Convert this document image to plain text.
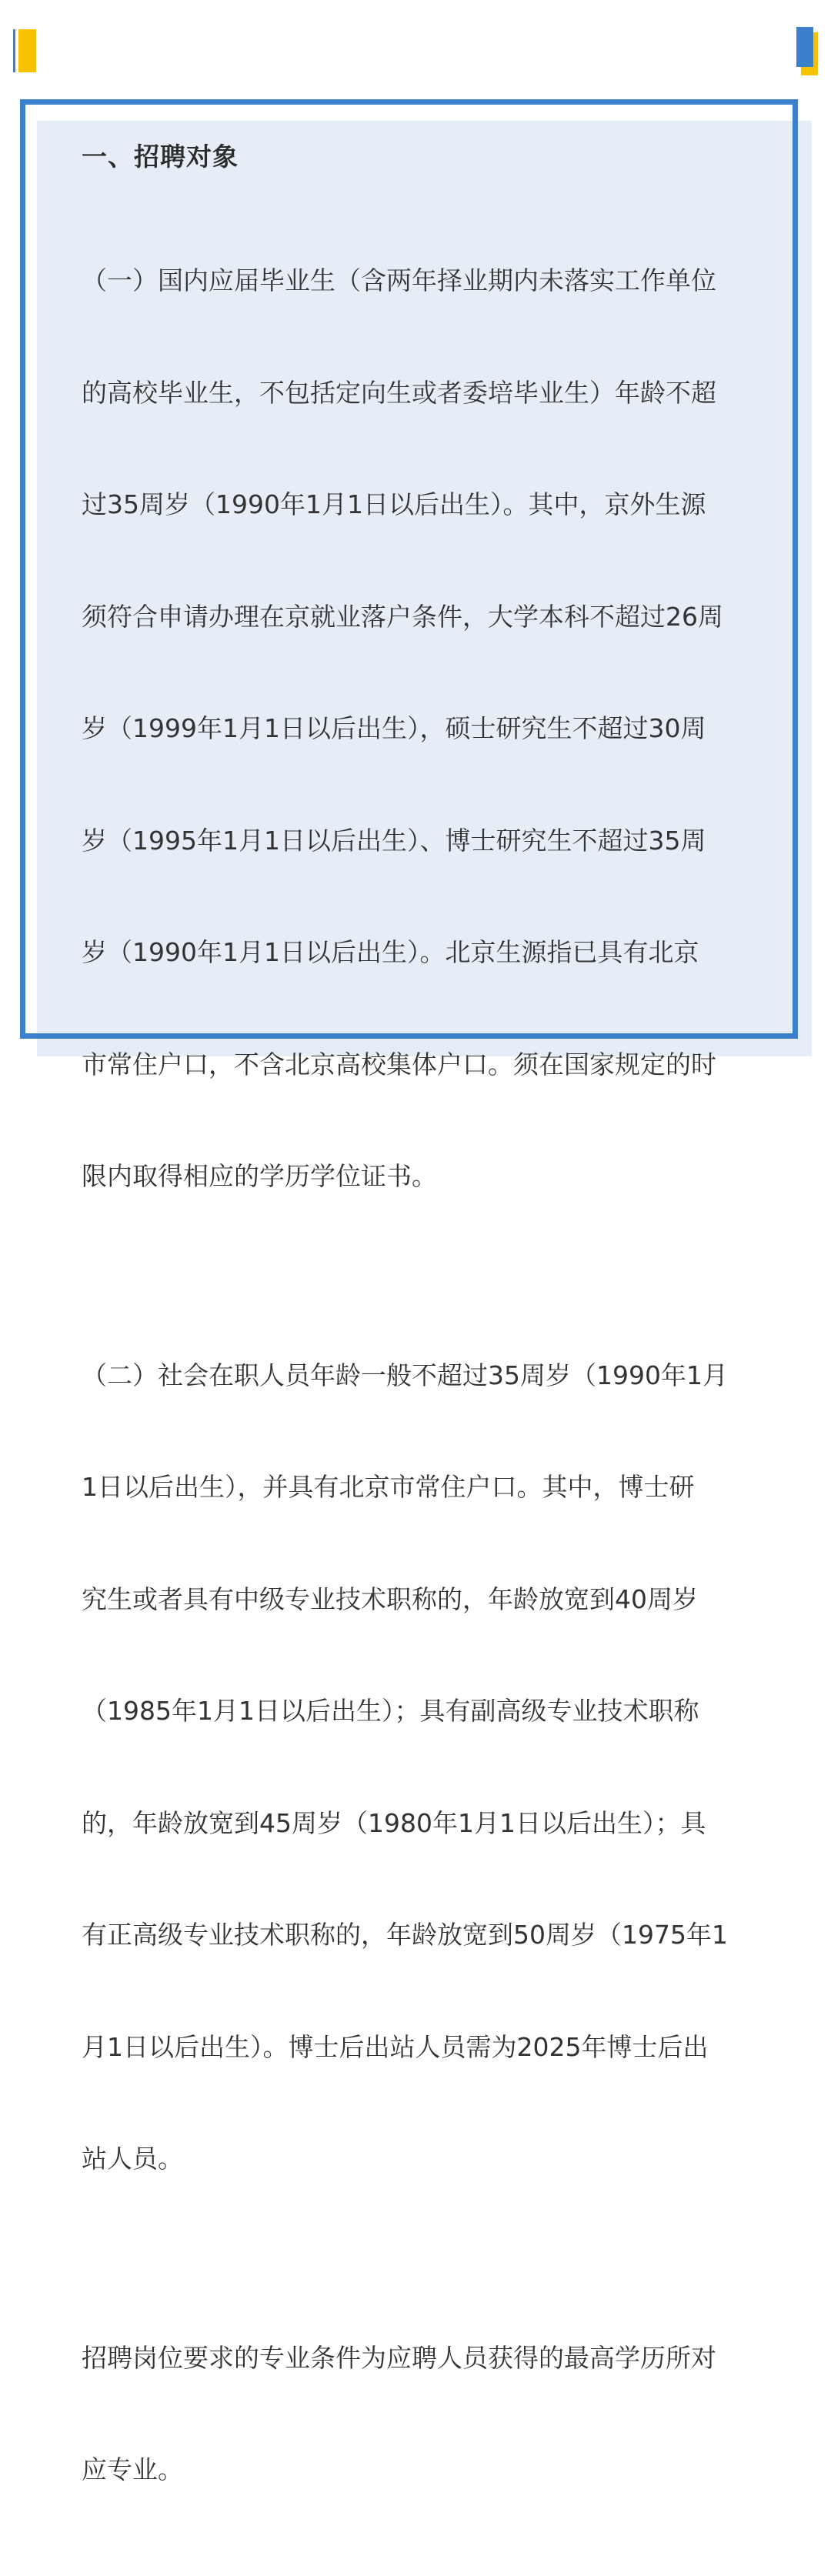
一、招聘对象

（一）国内应届毕业生（含两年择业期内未落实工作单位

的高校毕业生，不包括定向生或者委培毕业生）年龄不超

过35周岁（1990年1月1日以后出生）。其中，京外生源

须符合申请办理在京就业落户条件，大学本科不超过26周

岁（1999年1月1日以后出生），硕士研究生不超过30周

岁（1995年1月1日以后出生）、博士研究生不超过35周

岁（1990年1月1日以后出生）。北京生源指已具有北京

市常住户口，不含北京高校集体户口。须在国家规定的时

限内取得相应的学历学位证书。

（二）社会在职人员年龄一般不超过35周岁（1990年1月

1日以后出生），并具有北京市常住户口。其中，博士研

究生或者具有中级专业技术职称的，年龄放宽到40周岁

（1985年1月1日以后出生）；具有副高级专业技术职称

的，年龄放宽到45周岁（1980年1月1日以后出生）；具

有正高级专业技术职称的，年龄放宽到50周岁（1975年1

月1日以后出生）。博士后出站人员需为2025年博士后出

站人员。

招聘岗位要求的专业条件为应聘人员获得的最高学历所对

应专业。
